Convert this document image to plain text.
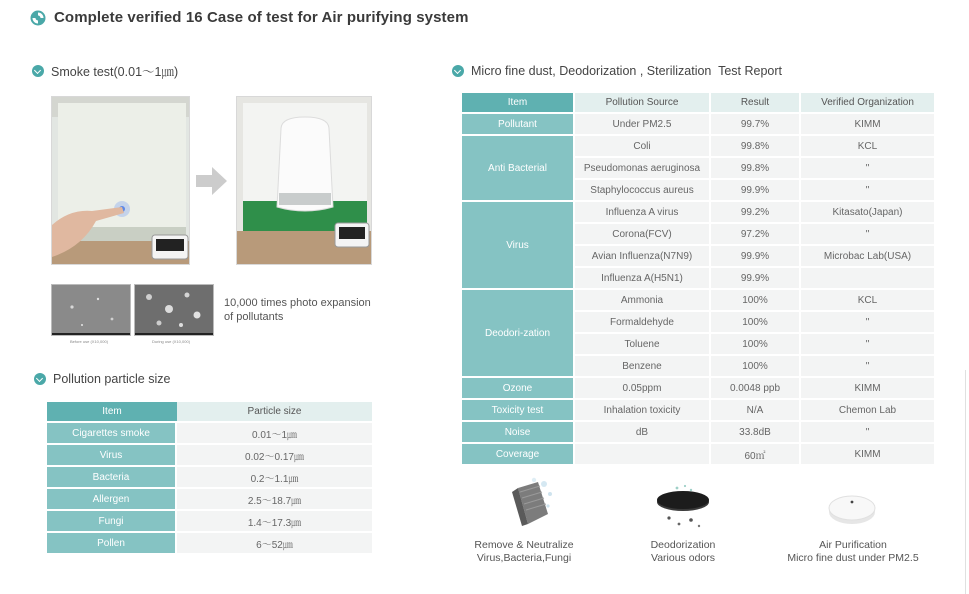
Complete verified 16 Case of test for Air purifying system
Smoke test(0.01～1㎛)
Before use (X10,000)	During use (X10,000)
10,000 times photo expansion
of pollutants
Pollution particle size
Item	Particle size
Cigarettes smoke	0.01～1㎛
Virus	0.02～0.17㎛
Bacteria	0.2～1.1㎛
Allergen	2.5～18.7㎛
Fungi	1.4～17.3㎛
Pollen	6～52㎛
Micro fine dust, Deodorization , Sterilization  Test Report
Item	Pollution Source	Result	Verified Organization
Pollutant	Under PM2.5	99.7%	KIMM
Anti Bacterial	Coli	99.8%	KCL
	Pseudomonas aeruginosa	99.8%	"
	Staphylococcus aureus	99.9%	"
Virus	Influenza A virus	99.2%	Kitasato(Japan)
	Corona(FCV)	97.2%	"
	Avian Influenza(N7N9)	99.9%	Microbac Lab(USA)
	Influenza A(H5N1)	99.9%	
Deodori-zation	Ammonia	100%	KCL
	Formaldehyde	100%	"
	Toluene	100%	"
	Benzene	100%	"
Ozone	0.05ppm	0.0048 ppb	KIMM
Toxicity test	Inhalation toxicity	N/A	Chemon Lab
Noise	dB	33.8dB	"
Coverage		60㎡	KIMM
Remove & Neutralize
Virus,Bacteria,Fungi
Deodorization
Various odors
Air Purification
Micro fine dust under PM2.5
